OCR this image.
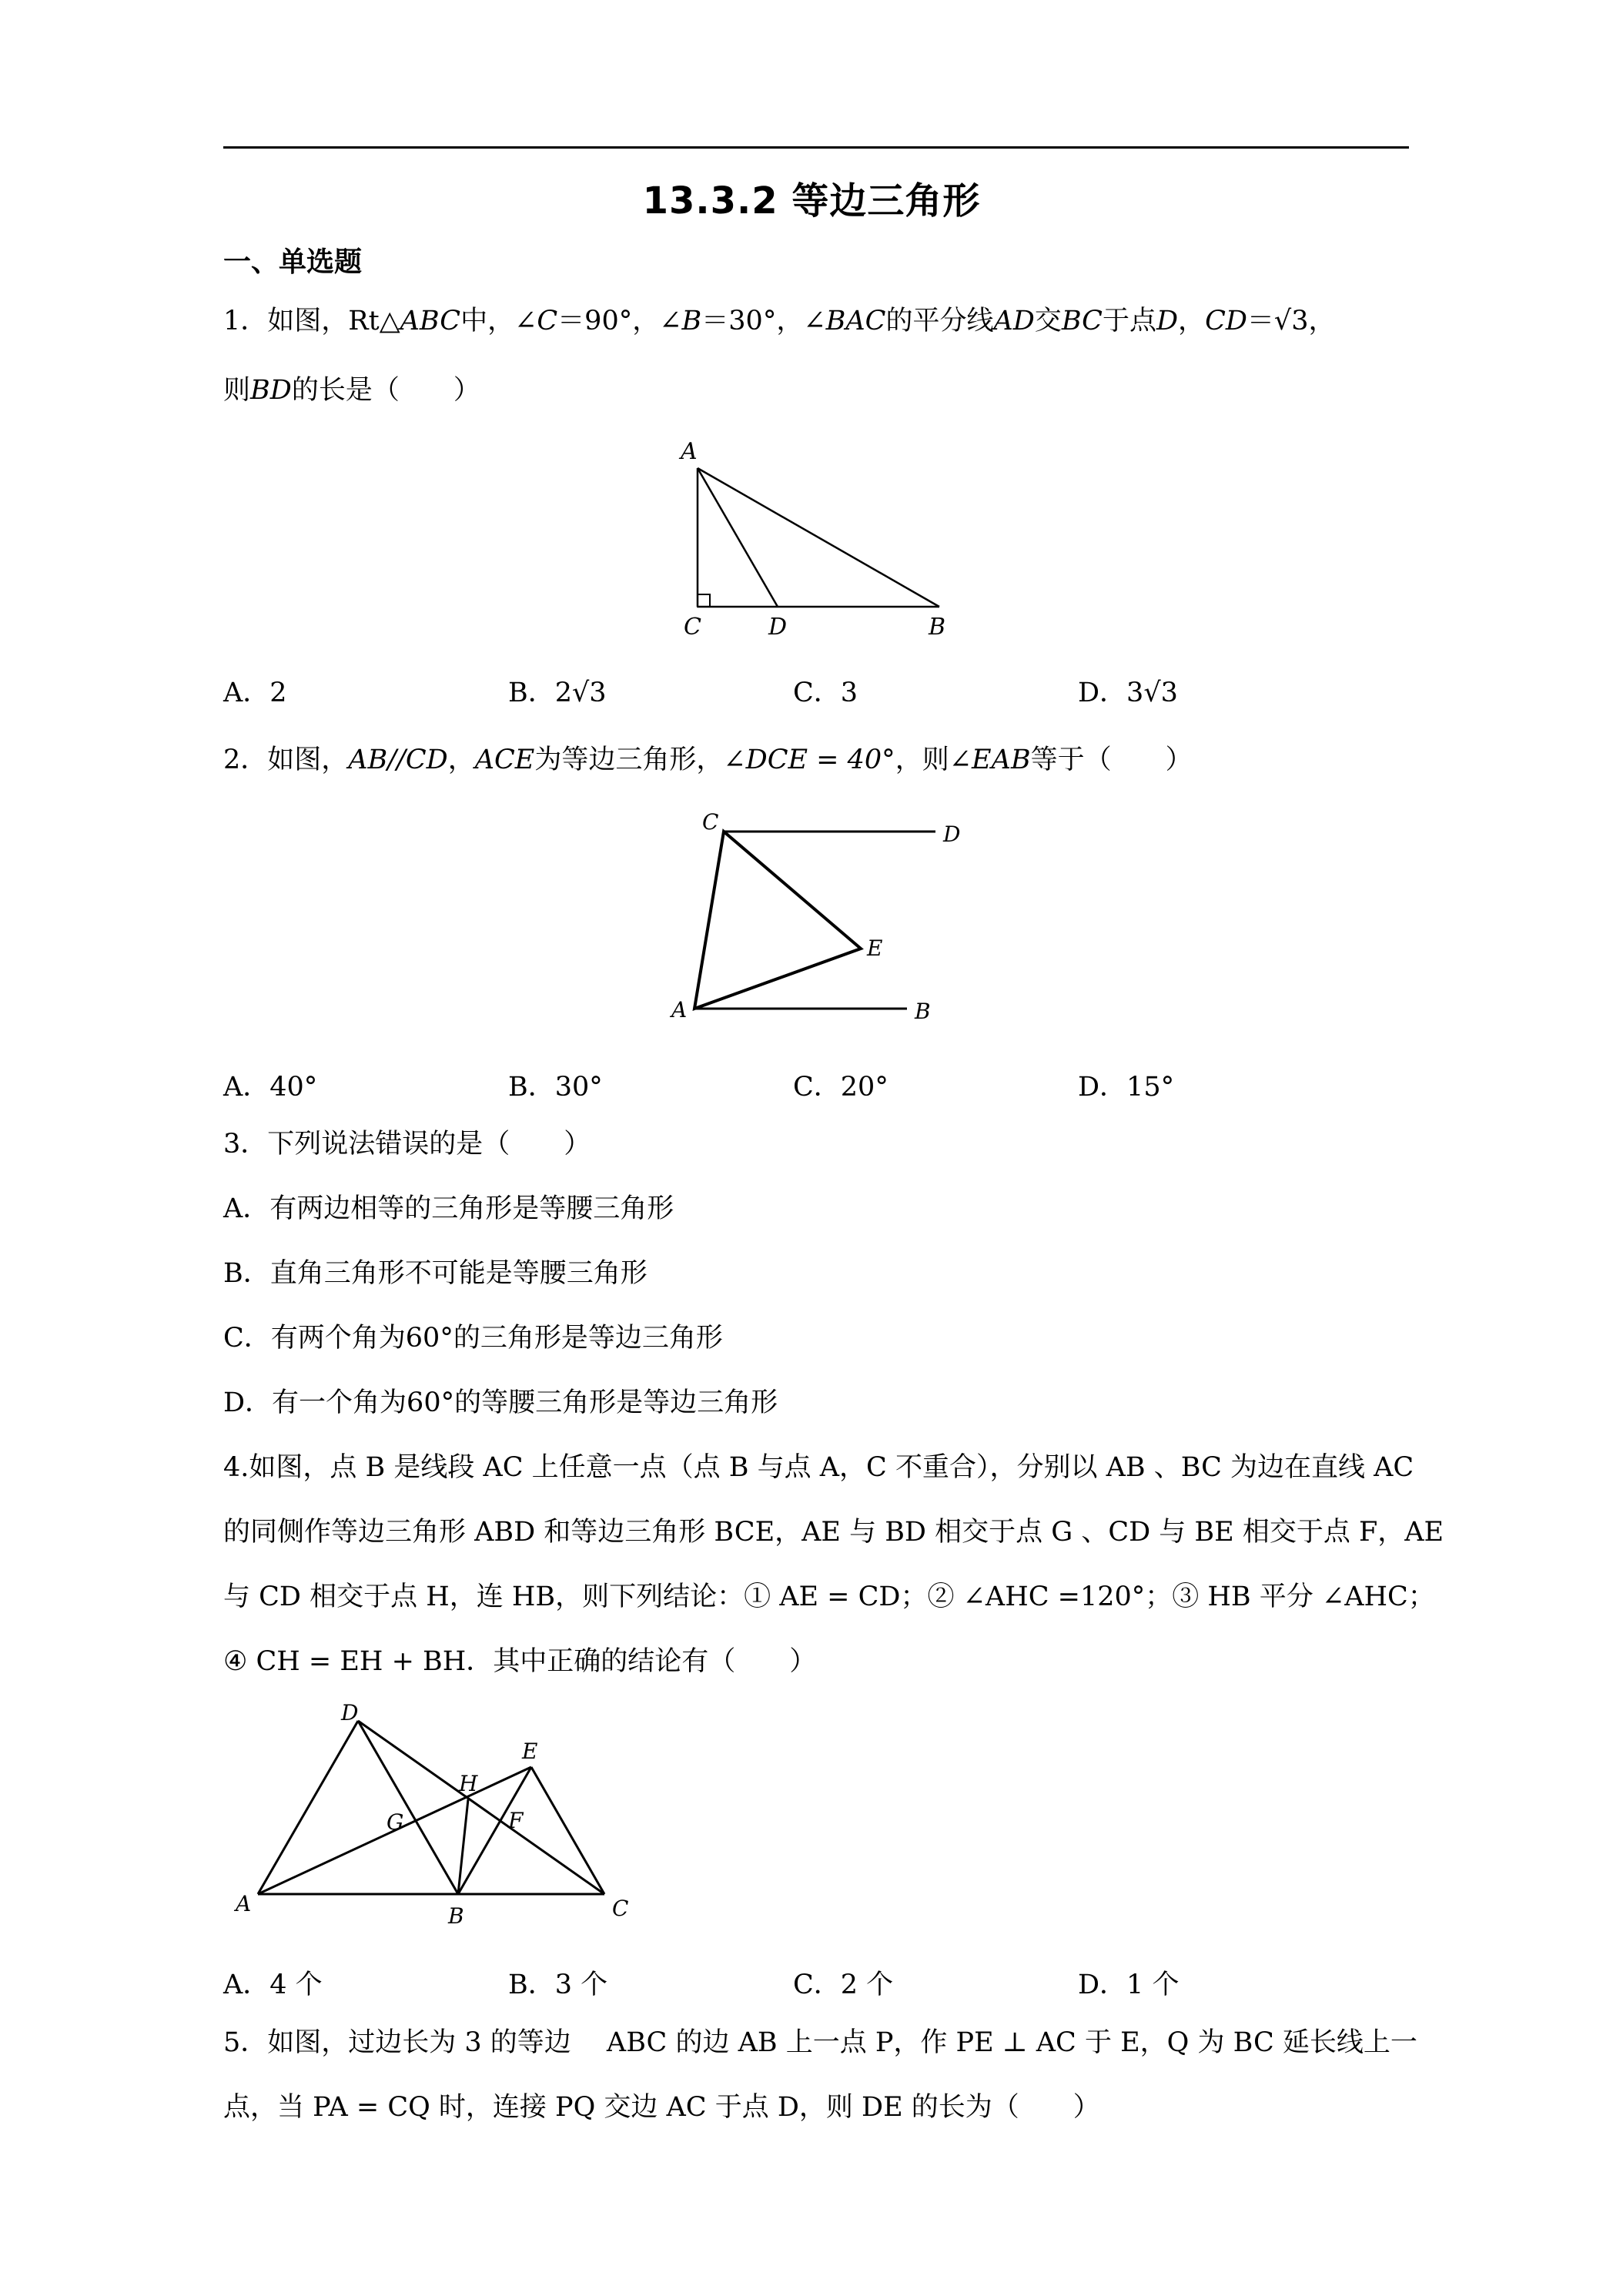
13.3.2 等边三角形
一、单选题
1．如图，Rt△ABC中，∠C＝90°，∠B＝30°，∠BAC的平分线AD交BC于点D，CD＝√3，
则BD的长是（　　）
A
C	D	B
A．2	B．2√3	C．3	D．3√3
2．如图，AB//CD，ACE为等边三角形，∠DCE = 40°，则∠EAB等于（　　）
C	D
E
A	B
A．40°	B．30°	C．20°	D．15°
3．下列说法错误的是（　　）
A．有两边相等的三角形是等腰三角形
B．直角三角形不可能是等腰三角形
C．有两个角为60°的三角形是等边三角形
D．有一个角为60°的等腰三角形是等边三角形
4.如图，点 B 是线段 AC 上任意一点（点 B 与点 A，C 不重合），分别以 AB 、BC 为边在直线 AC
的同侧作等边三角形 ABD 和等边三角形 BCE，AE 与 BD 相交于点 G 、CD 与 BE 相交于点 F，AE
与 CD 相交于点 H，连 HB，则下列结论：① AE = CD；② ∠AHC =120°；③ HB 平分 ∠AHC；
④ CH = EH + BH．其中正确的结论有（　　）
D
E
H
G	F
A	B	C
A．4 个	B．3 个	C．2 个	D．1 个
5．如图，过边长为 3 的等边 　ABC 的边 AB 上一点 P，作 PE ⊥ AC 于 E，Q 为 BC 延长线上一
点，当 PA = CQ 时，连接 PQ 交边 AC 于点 D，则 DE 的长为（　　）
